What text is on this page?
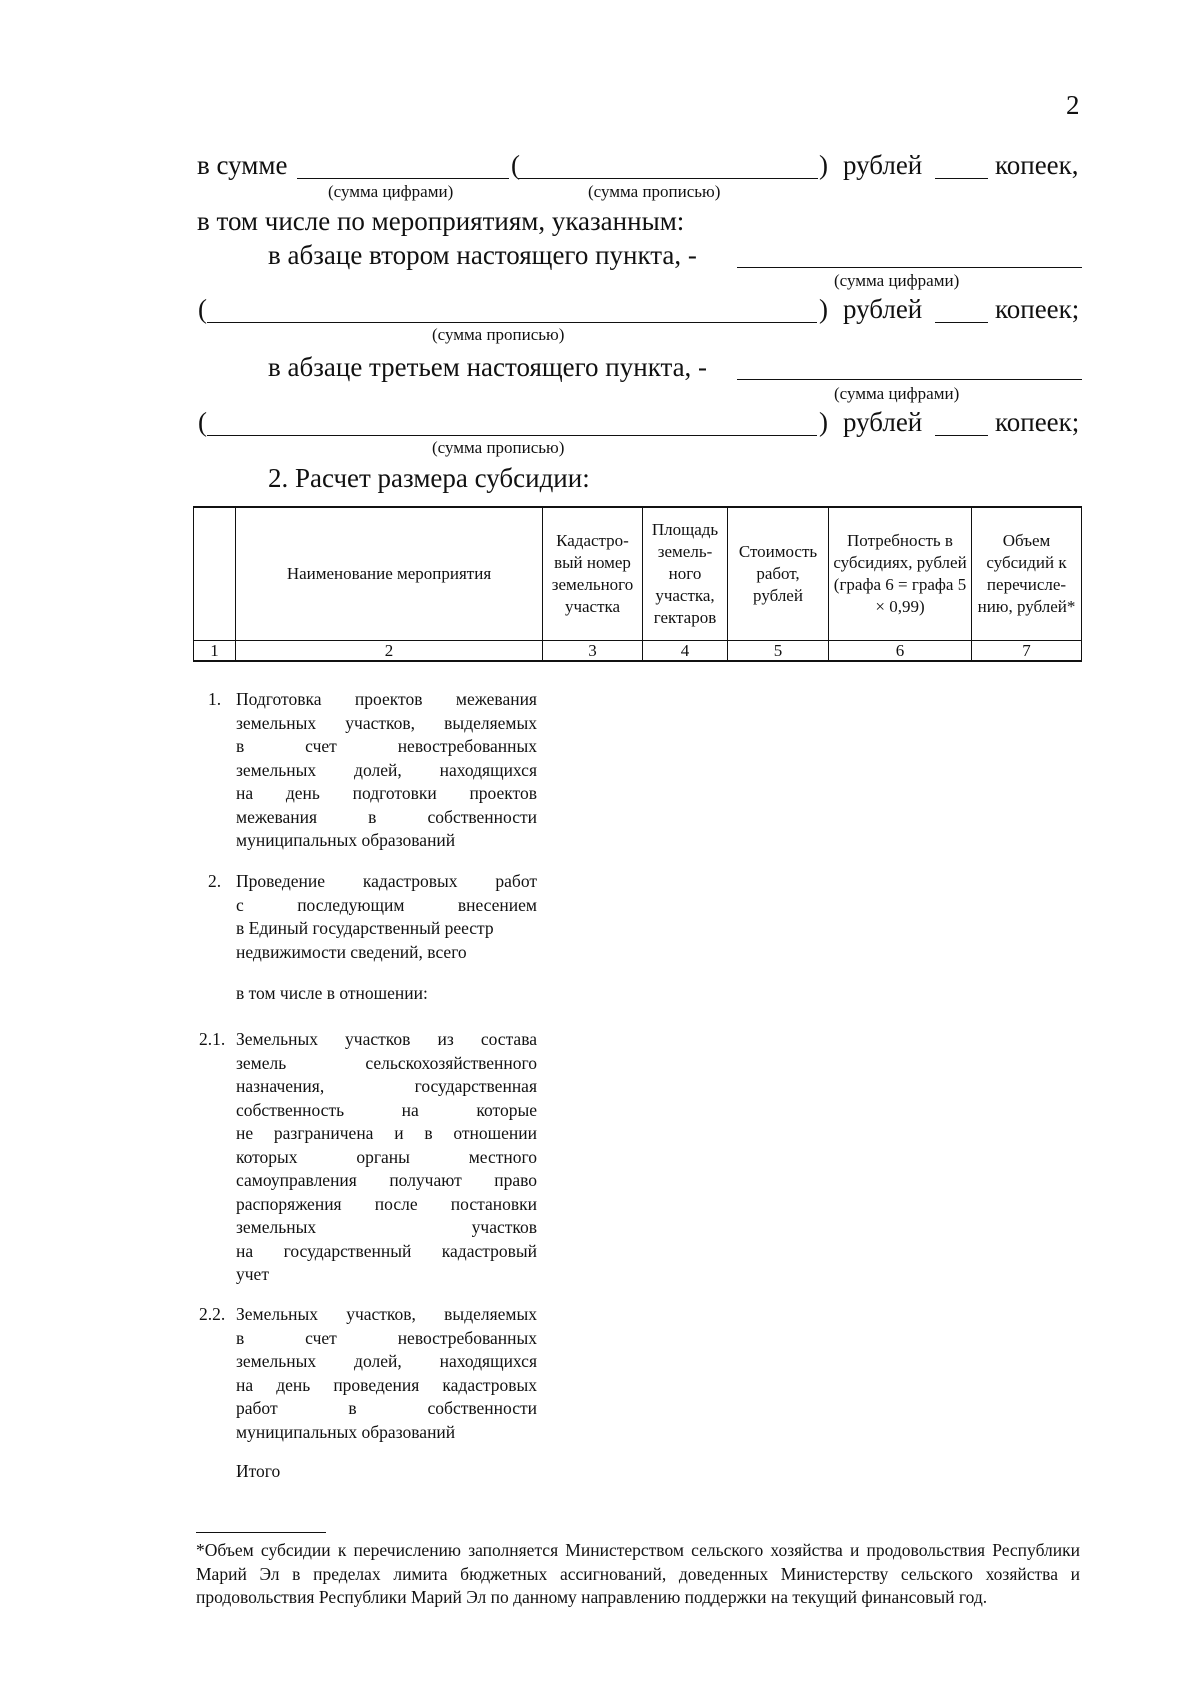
2
в сумме	(	) рублей	копеек,
(сумма цифрами)	(сумма прописью)
в том числе по мероприятиям, указанным:
в абзаце втором настоящего пункта, -
(сумма цифрами)
(	) рублей	копеек;
(сумма прописью)
в абзаце третьем настоящего пункта, -
(сумма цифрами)
(	) рублей	копеек;
(сумма прописью)
2. Расчет размера субсидии:
	Наименование мероприятия	Кадастро-вый номер земельного участка	Площадь земель-ного участка, гектаров	Стоимость работ, рублей	Потребность в субсидиях, рублей (графа 6 = графа 5 × 0,99)	Объем субсидий к перечисле-нию, рублей*
1	2	3	4	5	6	7
1. Подготовка проектов межевания
земельных участков, выделяемых
в счет невостребованных
земельных долей, находящихся
на день подготовки проектов
межевания в собственности
муниципальных образований
2. Проведение кадастровых работ
с последующим внесением
в Единый государственный реестр
недвижимости сведений, всего
в том числе в отношении:
2.1. Земельных участков из состава
земель сельскохозяйственного
назначения, государственная
собственность на которые
не разграничена и в отношении
которых органы местного
самоуправления получают право
распоряжения после постановки
земельных участков
на государственный кадастровый
учет
2.2. Земельных участков, выделяемых
в счет невостребованных
земельных долей, находящихся
на день проведения кадастровых
работ в собственности
муниципальных образований
Итого
*Объем субсидии к перечислению заполняется Министерством сельского хозяйства и продовольствия Республики Марий Эл в пределах лимита бюджетных ассигнований, доведенных Министерству сельского хозяйства и продовольствия Республики Марий Эл по данному направлению поддержки на текущий финансовый год.
